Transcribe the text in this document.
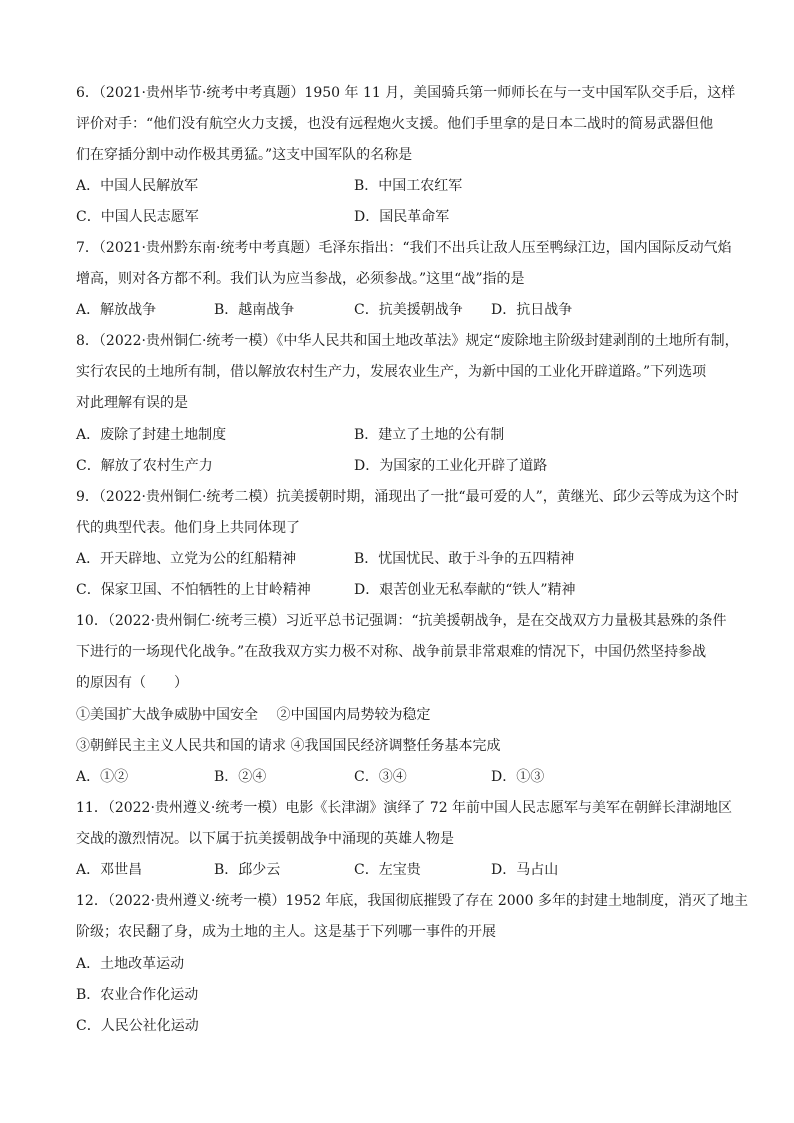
6．（2021·贵州毕节·统考中考真题）1950 年 11 月，美国骑兵第一师师长在与一支中国军队交手后，这样
评价对手：“他们没有航空火力支援，也没有远程炮火支援。他们手里拿的是日本二战时的简易武器但他
们在穿插分割中动作极其勇猛。”这支中国军队的名称是
A．中国人民解放军	B．中国工农红军
C．中国人民志愿军	D．国民革命军
7．（2021·贵州黔东南·统考中考真题）毛泽东指出：“我们不出兵让敌人压至鸭绿江边，国内国际反动气焰
增高，则对各方都不利。我们认为应当参战，必须参战。”这里“战”指的是
A．解放战争	B．越南战争	C．抗美援朝战争 D．抗日战争
8．（2022·贵州铜仁·统考一模）《中华人民共和国土地改革法》规定“废除地主阶级封建剥削的土地所有制，
实行农民的土地所有制，借以解放农村生产力，发展农业生产，为新中国的工业化开辟道路。”下列选项
对此理解有误的是
A．废除了封建土地制度	B．建立了土地的公有制
C．解放了农村生产力	D．为国家的工业化开辟了道路
9．（2022·贵州铜仁·统考二模）抗美援朝时期，涌现出了一批“最可爱的人”，黄继光、邱少云等成为这个时
代的典型代表。他们身上共同体现了
A．开天辟地、立党为公的红船精神	B．忧国忧民、敢于斗争的五四精神
C．保家卫国、不怕牺牲的上甘岭精神	D．艰苦创业无私奉献的“铁人”精神
10．（2022·贵州铜仁·统考三模）习近平总书记强调：“抗美援朝战争，是在交战双方力量极其悬殊的条件
下进行的一场现代化战争。”在敌我双方实力极不对称、战争前景非常艰难的情况下，中国仍然坚持参战
的原因有（　　）
①美国扩大战争威胁中国安全　 ②中国国内局势较为稳定
③朝鲜民主主义人民共和国的请求 ④我国国民经济调整任务基本完成
A．①②	B．②④	C．③④	D．①③
11．（2022·贵州遵义·统考一模）电影《长津湖》演绎了 72 年前中国人民志愿军与美军在朝鲜长津湖地区
交战的激烈情况。以下属于抗美援朝战争中涌现的英雄人物是
A．邓世昌	B．邱少云	C．左宝贵	D．马占山
12．（2022·贵州遵义·统考一模）1952 年底，我国彻底摧毁了存在 2000 多年的封建土地制度，消灭了地主
阶级；农民翻了身，成为土地的主人。这是基于下列哪一事件的开展
A．土地改革运动
B．农业合作化运动
C．人民公社化运动
